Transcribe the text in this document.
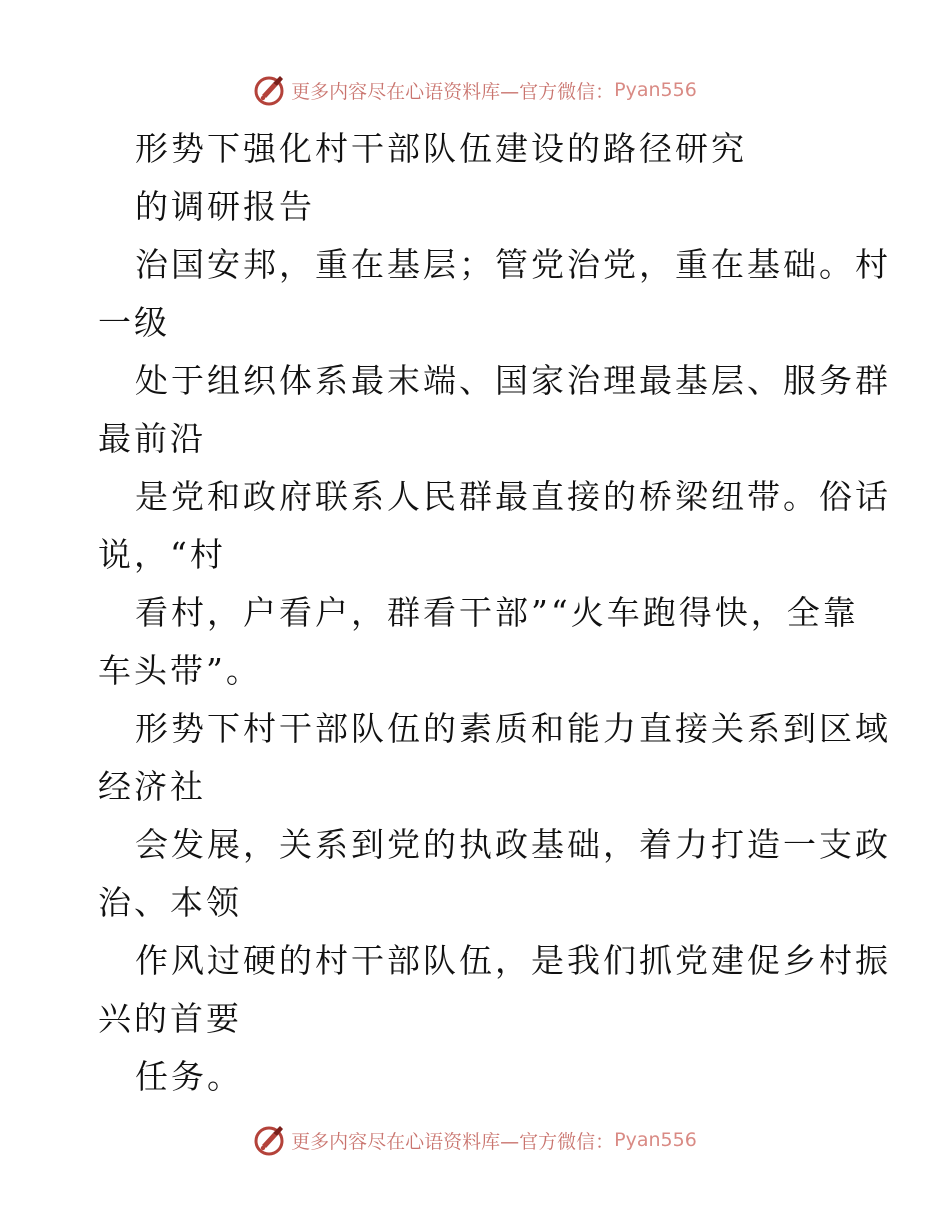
更多内容尽在心语资料库—官方微信： Pyan556
形势下强化村干部队伍建设的路径研究
的调研报告
治国安邦，重在基层；管党治党，重在基础。村
一级
处于组织体系最末端、国家治理最基层、服务群
最前沿
是党和政府联系人民群最直接的桥梁纽带。俗话
说，“村
看村，户看户，群看干部”“火车跑得快，全靠
车头带”。
形势下村干部队伍的素质和能力直接关系到区域
经济社
会发展，关系到党的执政基础，着力打造一支政
治、本领
作风过硬的村干部队伍，是我们抓党建促乡村振
兴的首要
任务。
更多内容尽在心语资料库—官方微信： Pyan556
